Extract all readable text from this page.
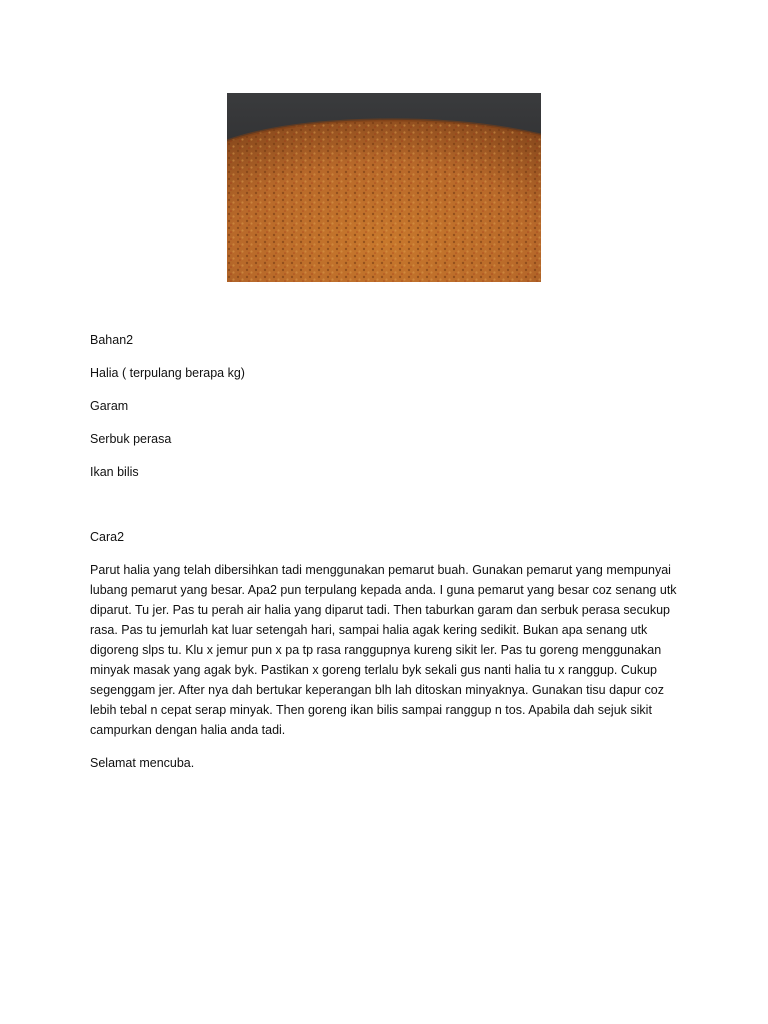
Bahan2

Halia ( terpulang berapa kg)

Garam

Serbuk perasa

Ikan bilis

Cara2

Parut halia yang telah dibersihkan tadi menggunakan pemarut buah. Gunakan pemarut yang mempunyai lubang pemarut yang besar. Apa2 pun terpulang kepada anda. I guna pemarut yang besar coz senang utk diparut. Tu jer. Pas tu perah air halia yang diparut tadi. Then taburkan garam dan serbuk perasa secukup rasa. Pas tu jemurlah kat luar setengah hari, sampai halia agak kering sedikit. Bukan apa senang utk digoreng slps tu. Klu x jemur pun x pa tp rasa ranggupnya kureng sikit ler. Pas tu goreng menggunakan minyak masak yang agak byk. Pastikan x goreng terlalu byk sekali gus nanti halia tu x ranggup. Cukup segenggam jer. After nya dah bertukar keperangan blh lah ditoskan minyaknya. Gunakan tisu dapur coz lebih tebal n cepat serap minyak. Then goreng ikan bilis sampai ranggup n tos. Apabila dah sejuk sikit campurkan dengan halia anda tadi.

Selamat mencuba.
